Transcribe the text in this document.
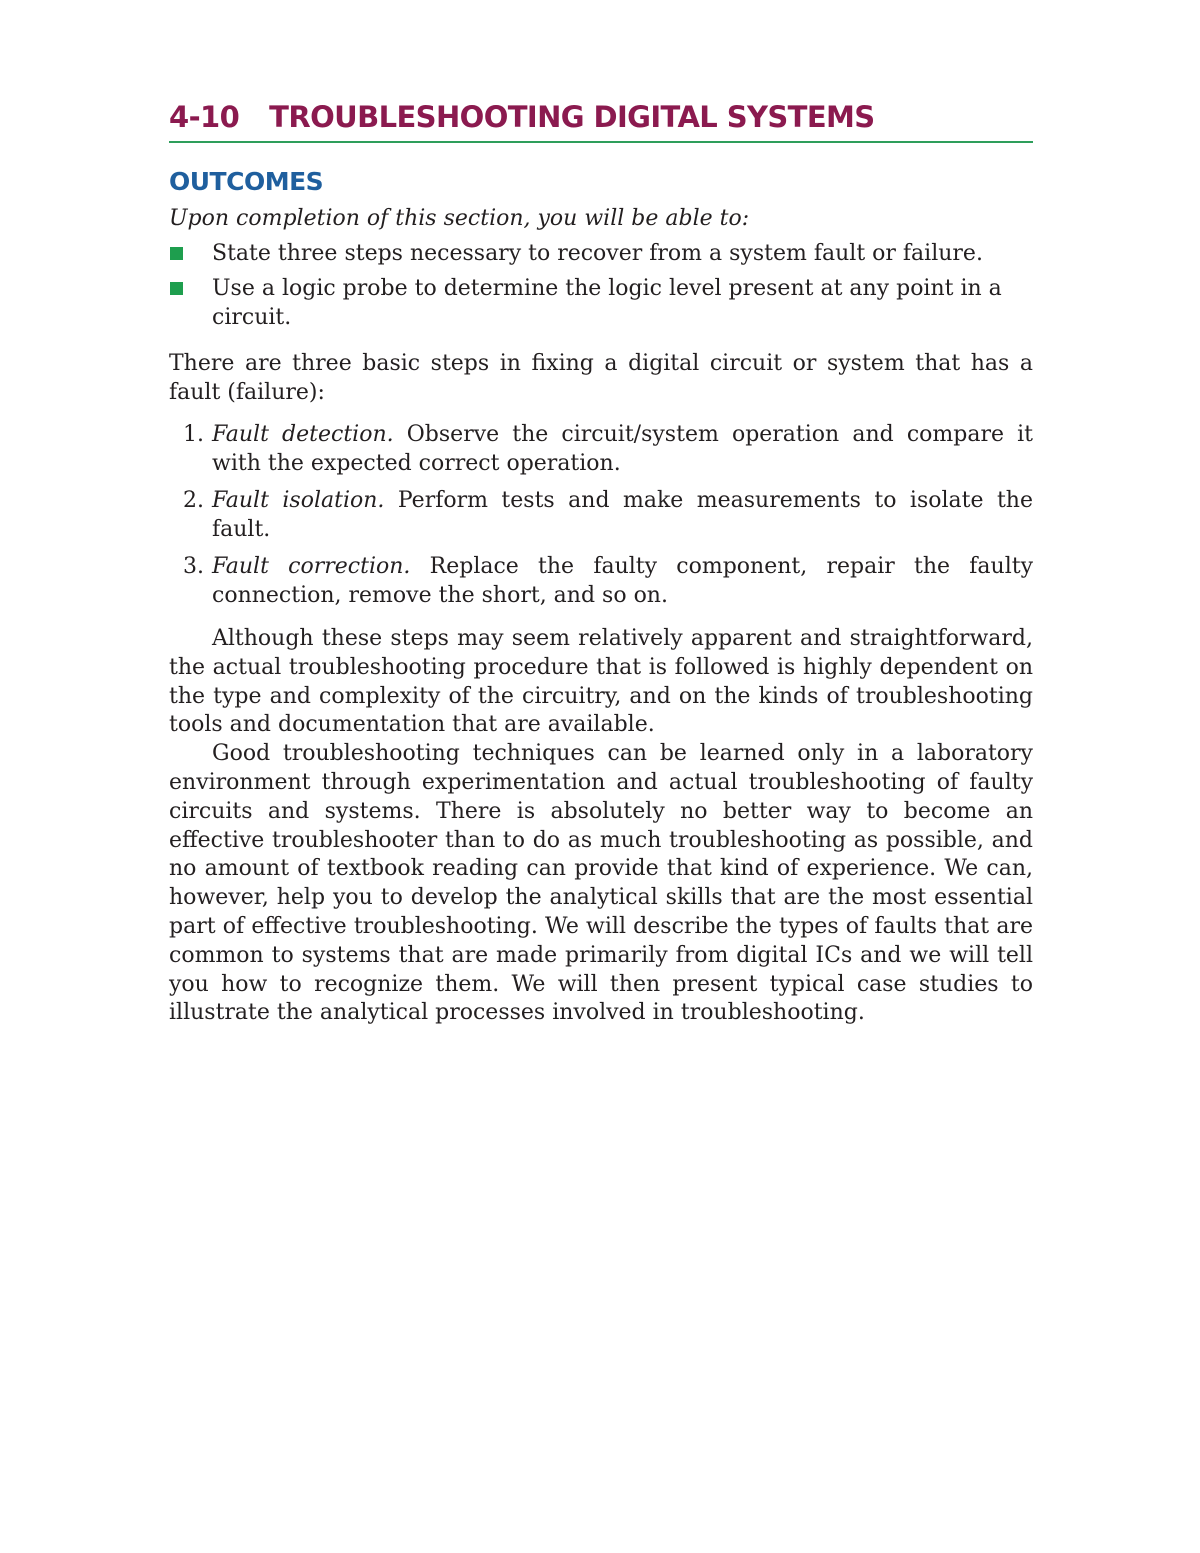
4-10 TROUBLESHOOTING DIGITAL SYSTEMS
OUTCOMES
Upon completion of this section, you will be able to:
State three steps necessary to recover from a system fault or failure.
Use a logic probe to determine the logic level present at any point in a circuit.

There are three basic steps in fixing a digital circuit or system that has a fault (failure):

1. Fault detection. Observe the circuit/system operation and compare it with the expected correct operation.
2. Fault isolation. Perform tests and make measurements to isolate the fault.
3. Fault correction. Replace the faulty component, repair the faulty connection, remove the short, and so on.

Although these steps may seem relatively apparent and straightforward, the actual troubleshooting procedure that is followed is highly dependent on the type and complexity of the circuitry, and on the kinds of troubleshooting tools and documentation that are available.

Good troubleshooting techniques can be learned only in a laboratory environment through experimentation and actual troubleshooting of faulty circuits and systems. There is absolutely no better way to become an effective troubleshooter than to do as much troubleshooting as possible, and no amount of textbook reading can provide that kind of experience. We can, however, help you to develop the analytical skills that are the most essential part of effective troubleshooting. We will describe the types of faults that are common to systems that are made primarily from digital ICs and we will tell you how to recognize them. We will then present typical case studies to illustrate the analytical processes involved in troubleshooting.
